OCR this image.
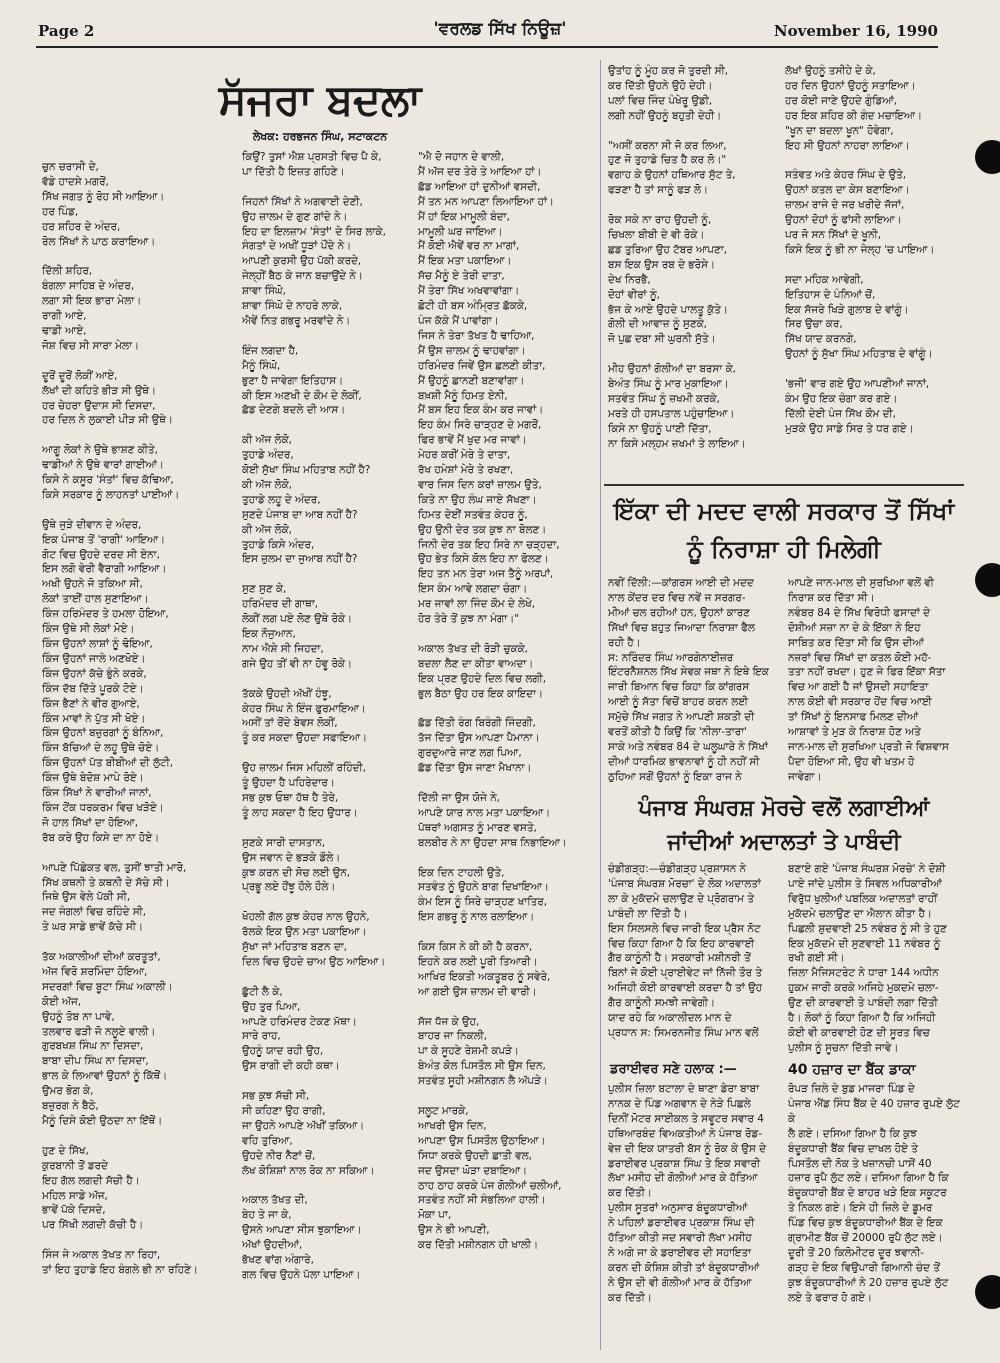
Page 2	'ਵਰਲਡ ਸਿੱਖ ਨਿਊਜ਼'	November 16, 1990
ਸੱਜਰਾ ਬਦਲਾ
ਲੇਖਕ: ਹਰਭਜਨ ਸਿੰਘ, ਸਟਾਕਟਨ
ਚੁਨ ਚਰਾਸੀ ਦੇ,
ਵੱਡੇ ਹਾਦਸੇ ਮਗਰੋਂ,
ਸਿੱਖ ਜਗਤ ਨੂੰ ਰੋਹ ਸੀ ਆਇਆ।
ਹਰ ਪਿੰਡ,
ਹਰ ਸ਼ਹਿਰ ਦੇ ਅੰਦਰ,
ਰੋਲ ਸਿੱਖਾਂ ਨੇ ਪਾਠ ਕਰਾਇਆ।

ਦਿੱਲੀ ਸ਼ਹਿਰ,
ਬੰਗਲਾ ਸਾਹਿਬ ਦੇ ਅੰਦਰ,
ਲਗਾ ਸੀ ਇਕ ਭਾਰਾ ਮੇਲਾ।
ਰਾਗੀ ਆਏ,
ਢਾਡੀ ਆਏ,
ਜੋਸ਼ ਵਿਚ ਸੀ ਸਾਰਾ ਮੇਲਾ।

ਦੂਰੋਂ ਦੂਰੋਂ ਲੋਕੀਂ ਆਏ,
ਲੱਖਾਂ ਦੀ ਕਹਿਤੇ ਭੀੜ ਸੀ ਉਥੇ।
ਹਰ ਚੇਹਰਾ ਉਦਾਸ ਸੀ ਦਿਸਦਾ,
ਹਰ ਦਿਲ ਨੇ ਲੁਕਾਈ ਪੀੜ ਸੀ ਉਥੇ।

ਆਗੂ ਲੋਕਾਂ ਨੇ ਉਥੇ ਭਾਸ਼ਣ ਕੀਤੇ,
ਢਾਡੀਆਂ ਨੇ ਉਥੇ ਵਾਰਾਂ ਗਾਈਆਂ।
ਕਿਸੇ ਨੇ ਕਸੂਰ 'ਸੰਤਾਂ' ਵਿਚ ਕੱਢਿਆ,
ਕਿਸੇ ਸਰਕਾਰ ਨੂੰ ਲਾਹਨਤਾਂ ਪਾਈਆਂ।

ਉਥੇ ਜੁੜੇ ਦੀਵਾਨ ਦੇ ਅੰਦਰ,
ਇਕ ਪੰਜਾਬ ਤੋਂ 'ਰਾਗੀ' ਆਇਆ।
ਗੋਟ ਵਿਚ ਉਹਦੇ ਦਰਦ ਸੀ ਏਨਾ,
ਇਸ ਲਗੋ ਵੇਰੀ ਵੈਰਾਗੀ ਆਇਆ।
ਅਖੀ ਉਹਨੇ ਜੋ ਤਕਿਆ ਸੀ,
ਲੋਕਾਂ ਤਾਈਂ ਹਾਲ ਸੁਣਾਇਆ।
ਕਿੰਜ ਹਰਿਮੰਦਰ ਤੇ ਹਮਲਾ ਹੋਇਆ,
ਕਿੰਜ ਉਥੇ ਸੀ ਲੋਕਾਂ ਮੋਏ।
ਕਿੰਜ ਉਹਨਾਂ ਲਾਸ਼ਾਂ ਨੂੰ ਢੋਇਆ,
ਕਿੰਜ ਉਹਨਾਂ ਜਾਲੇ ਅਣਖੋਏ।
ਕਿੰਜ ਉਹਨਾਂ ਕੱਚੇ ਭੁੰਨੇ ਕਰਕੇ,
ਕਿੰਜ ਦੱਬ ਦਿੱਤੇ ਪੂਰਕੇ ਟੋਏ।
ਕਿੰਜ ਭੈਣਾਂ ਨੇ ਵੀਰ ਗੁਆਏ,
ਕਿੰਜ ਮਾਵਾਂ ਨੇ ਪੁੱਤ ਸੀ ਖੋਏ।
ਕਿੰਜ ਉਹਨਾਂ ਬਜ਼ੁਰਗਾਂ ਨੂੰ ਬੰਨਿਆ,
ਕਿੰਜ ਬੱਚਿਆਂ ਦੇ ਲਹੂ ਉਥੇ ਚੋਏ।
ਕਿੰਜ ਉਹਨਾਂ ਪੱਤ ਬੀਬੀਆਂ ਦੀ ਲੁੱਟੀ,
ਕਿੰਜ ਉਥੇ ਬੇਦੋਸ਼ ਮਾਪੇ ਰੋਏ।
ਕਿੰਜ ਸਿੱਖਾਂ ਨੇ ਵਾਰੀਆਂ ਜਾਨਾਂ,
ਕਿੰਜ ਟੋਂਕ ਧਰਕਰਮ ਵਿਚ ਖੜੋਏ।
ਜੋ ਹਾਲ ਸਿੱਖਾਂ ਦਾ ਹੋਇਆ,
ਰੱਬ ਕਰੇ ਉਹ ਕਿਸੇ ਦਾ ਨਾ ਹੋਏ।

ਆਪਣੇ ਪਿੱਛੇਕਤ ਵਲ, ਤੁਸੀਂ ਝਾਤੀ ਮਾਰੋ,
ਸਿੱਖ ਕਥਨੀ ਤੇ ਕਥਨੀ ਦੇ ਸੱਚੇ ਸੀ।
ਜਿਥੇ ਉਸ ਵੇਲੇ ਪੱਕੀ ਸੀ,
ਜਦ ਜੰਗਲਾਂ ਵਿਚ ਰਹਿੰਦੇ ਸੀ,
ਤੇ ਘਰ ਸਾਡੇ ਭਾਵੇਂ ਕੱਚੇ ਸੀ।

ਤੱਕ ਅਕਾਲੀਆਂ ਦੀਆਂ ਕਰਤੂਤਾਂ,
ਅੱਜ ਵਿਰੋ ਸ਼ਰਮਿੰਦਾ ਹੋਇਆ,
ਸਦਰਗਾਂ ਵਿਚ ਬੂਟਾ ਸਿੰਘ ਅਕਾਲੀ।
ਕੋਈ ਅੱਜ,
ਉਹਨੂੰ ਤੋਬ ਨਾ ਪਾਵੇ,
ਤਲਵਾਰ ਫੜੀ ਜੋ ਨਲੂਏ ਵਾਲੀ।
ਗੁਰਬਖਸ਼ ਸਿੰਘ ਨਾ ਦਿਸਦਾ,
ਬਾਬਾ ਦੀਪ ਸਿੰਘ ਨਾ ਦਿਸਦਾ,
ਭਾਲ ਕੇ ਲਿਆਵਾਂ ਉਹਨਾਂ ਨੂੰ ਕਿੱਥੋਂ।
ਉਮਰ ਭੋਗ ਕੇ,
ਬਜ਼ੁਰਗ ਨੇ ਬੈਠੇ,
ਮੈਨੂੰ ਦਿਸੇ ਕੋਈ ਉਠਦਾ ਨਾ ਇੱਥੋਂ।

ਹੁਣ ਦੇ ਸਿੱਖ,
ਕੁਰਬਾਨੀ ਤੋਂ ਡਰਦੇ
ਇਹ ਗੱਲ ਲਗਦੀ ਸੱਚੀ ਹੈ।
ਮਹਿਲ ਸਾਡੇ ਅੱਜ,
ਭਾਵੇਂ ਪੱਕੇ ਦਿਸਦੇ,
ਪਰ ਸਿੱਖੀ ਲਗਦੀ ਕੱਚੀ ਹੈ।

ਸਿੰਜ ਜੇ ਅਕਾਲ ਤੱਖਤ ਨਾ ਰਿਹਾ,
ਤਾਂ ਇਹ ਤੁਹਾਡੇ ਇਹ ਬੰਗਲੇ ਭੀ ਨਾ ਰਹਿਣੇ।
ਕਿਉਂ? ਤੁਸਾਂ ਐਸ਼ ਪ੍ਰਸਤੀ ਵਿਚ ਪੈ ਕੇ,
ਪਾ ਦਿੱਤੀ ਹੈ ਇਜ਼ਤ ਗਹਿਣੇ।

ਜਿਹਨਾਂ ਸਿੱਖਾਂ ਨੇ ਅਗਵਾਈ ਦੇਣੀ,
ਉਹ ਜ਼ਾਲਮ ਦੇ ਗੁਣ ਗਾਂਦੇ ਨੇ।
ਇਹ ਦਾ ਇਲਜ਼ਾਮ 'ਸੰਤਾਂ' ਦੇ ਸਿਰ ਲਾਕੇ,
ਸੰਗਤਾਂ ਦੇ ਅਖੀਂ ਧੂੜਾਂ ਪੌਂਦੇ ਨੇ।
ਆਪਣੀ ਕੁਰਸੀ ਉਹ ਪੱਕੀ ਕਰਦੇ,
ਜੇਲ੍ਹੀਂ ਬੈਠ ਕੇ ਜਾਨ ਬਚਾਉਂਦੇ ਨੇ।
ਸ਼ਾਵਾ ਸਿੰਘੋ,
ਸ਼ਾਵਾ ਸਿੰਘੋ ਦੇ ਨਾਹਰੇ ਲਾਕੇ,
ਐਵੇਂ ਨਿਤ ਗਭਰੂ ਮਰਵਾਂਦੇ ਨੇ।

ਇੰਜ ਲਗਦਾ ਹੈ,
ਮੈਨੂੰ ਸਿੰਘੋ,
ਭੁਣਾ ਹੈ ਜਾਵੇਗਾ ਇਤਿਹਾਸ।
ਕੀ ਇਸ ਅਣਖੀ ਦੇ ਕੌਮ ਦੇ ਲੋਕੀਂ,
ਛੱਡ ਦੇਣਗੇ ਬਦਲੇ ਦੀ ਆਸ।

ਕੀ ਅੱਜ ਲੋਕੋ,
ਤੁਹਾਡੇ ਅੰਦਰ,
ਕੋਈ ਸੁੱਖਾ ਸਿੰਘ ਮਹਿਤਾਬ ਨਹੀਂ ਹੈ?
ਕੀ ਅੱਜ ਲੋਕੋ,
ਤੁਹਾਡੇ ਲਹੂ ਦੇ ਅੰਦਰ,
ਸੁਣਦੇ ਪੰਜਾਬ ਦਾ ਆਬ ਨਹੀਂ ਹੈ?
ਕੀ ਅੱਜ ਲੋਕੋ,
ਤੁਹਾਡੇ ਕਿਸੇ ਅੰਦਰ,
ਇਸ ਜ਼ੁਲਮ ਦਾ ਜੁਆਬ ਨਹੀਂ ਹੈ?

ਸੁਣ ਸੁਣ ਕੇ,
ਹਰਿਮੰਦਰ ਦੀ ਗਾਥਾ,
ਲੋਕੀਂ ਲਗ ਪਏ ਲੋਣ ਉਥੇ ਰੋਕੇ।
ਇਕ ਨੌਜੁਆਨ,
ਨਾਮ ਐਸ਼ੇ ਸੀ ਜਿਹਦਾ,
ਗਜੇ ਉਹ ਤੀਂ ਵੀ ਨਾ ਹੋਵੂ ਰੋਕੇ।

ਤੱਕਕੇ ਉਹਦੀ ਅੱਖੀਂ ਹੰਝੂ,
ਕੇਹਰ ਸਿੰਘ ਨੇ ਇੰਜ ਫੁਰਮਾਇਆ।
ਅਸੀਂ ਤਾਂ ਰੋਂਦੇ ਬੇਵਸ ਲੋਕੀਂ,
ਤੂੰ ਕਰ ਸਕਦਾ ਉਹਦਾ ਸਫਾਇਆ।

ਉਹ ਜ਼ਾਲਮ ਜਿਸ ਮਹਿਲੀਂ ਰਹਿੰਦੀ,
ਤੂੰ ਉਹਦਾ ਹੈ ਪਹਿਰੇਦਾਰ।
ਸਭ ਕੁਝ ਓਥਾ ਹੱਥ ਹੈ ਤੇਰੇ,
ਤੂੰ ਲਾਹ ਸਕਦਾ ਹੈ ਇਹ ਉਧਾਰ।

ਸੁਣਕੇ ਸਾਰੀ ਦਾਸਤਾਨ,
ਉਸ ਜਵਾਨ ਦੇ ਭੜਕੇ ਡੌਲੇ।
ਕੁਝ ਕਰਨ ਦੀ ਸੋਚ ਲਈ ਉਨ,
ਪ੍ਰਭੂ ਲਏ ਹੌਂਝੂ ਹੌਲੇ ਹੌਲੇ।

ਖੋਹਲੀ ਗੱਲ ਕੁਝ ਕੇਹਰ ਨਾਲ ਉਹਨੇ,
ਰੱਲਕੇ ਇਕ ਉਨ ਮਤਾ ਪਕਾਇਆ।
ਸੁੱਖਾ ਜਾਂ ਮਹਿਤਾਬ ਬਣਨ ਦਾ,
ਦਿਲ ਵਿਚ ਉਹਦੇ ਚਾਅ ਉਠ ਆਇਆ।

ਛੁੱਟੀ ਲੈ ਕੇ,
ਉਹ ਤੁਰ ਪਿਆ,
ਆਪਣੇ ਹਰਿਮੰਦਰ ਟੇਕਣ ਮੱਥਾ।
ਸਾਰੇ ਰਾਹ,
ਉਹਨੂੰ ਯਾਦ ਰਹੀ ਉਹ,
ਉਸ ਰਾਗੀ ਦੀ ਕਹੀ ਕਥਾ।

ਸਭ ਕੁਝ ਸੱਚੀ ਸੀ,
ਸੀ ਕਹਿਣਾ ਉਹ ਰਾਗੀ,
ਜਾ ਉਹਨੇ ਆਪਣੇ ਅੱਖੀਂ ਤਕਿਆ।
ਵਹਿ ਤੁਰਿਆ,
ਉਹਦੇ ਨੀਰ ਨੈਣਾਂ ਚੋਂ,
ਲੱਖ ਕੋਸ਼ਿਸ਼ਾਂ ਨਾਲ ਰੋਕ ਨਾ ਸਕਿਆ।

ਅਕਾਲ ਤੱਖਤ ਦੀ,
ਬੇਹ ਤੇ ਜਾ ਕੇ,
ਉਸਨੇ ਆਪਣਾ ਸੀਸ ਝੁਕਾਇਆ।
ਅੱਖਾਂ ਉਹਦੀਆਂ,
ਭੱਖਣ ਵਾਂਗ ਅੰਗਾਰੇ,
ਗਲ ਵਿਚ ਉਹਨੇ ਪੱਲਾ ਪਾਇਆ।
"ਐ ਦੋ ਜਹਾਨ ਦੇ ਵਾਲੀ,
ਮੈਂ ਅੱਜ ਦਰ ਤੇਰੇ ਤੇ ਆਇਆ ਹਾਂ।
ਛੱਡ ਆਇਆ ਹਾਂ ਦੁਨੀਆਂ ਵਸਦੀ,
ਮੈਂ ਤਨ ਮਨ ਆਪਣਾ ਲਿਆਇਆ ਹਾਂ।
ਮੈਂ ਹਾਂ ਇਕ ਮਾਮੂਲੀ ਬੰਦਾ,
ਮਾਮੂਲੀ ਘਰ ਜਾਇਆ।
ਮੈਂ ਕੋਈ ਐਵੇਂ ਵਰ ਨਾ ਮਾਗਾਂ,
ਮੈਂ ਇਕ ਮਤਾ ਪਕਾਇਆ।
ਸੱਚ ਮੈਨੂੰ ਏ ਤੇਰੀ ਦਾਤਾ,
ਮੈਂ ਤੇਰਾ ਸਿੱਖ ਅਖਵਾਵਾਂਗਾ।
ਛੋਟੀ ਹੀ ਬਸ ਅੰਮ੍ਰਿਤ ਛੱਕਕੇ,
ਪੰਜ ਕੱਕੇ ਮੈਂ ਪਾਵਾਂਗਾ।
ਜਿਸ ਨੇ ਤੇਰਾ ਤੱਖਤ ਹੈ ਢਾਹਿਆ,
ਮੈਂ ਉਸ ਜ਼ਾਲਮ ਨੂੰ ਢਾਹਵਾਂਗਾ।
ਹਰਿਮੰਦਰ ਜਿਵੇਂ ਉਸ ਛਲਣੀ ਕੀਤਾ,
ਮੈਂ ਉਹਨੂੰ ਛਾਨਣੀ ਬਣਾਵਾਂਗਾ।
ਬਖ਼ਸ਼ੀ ਮੈਨੂੰ ਹਿਮਤ ਏਨੀ,
ਮੈਂ ਬਸ ਇਹ ਇਕ ਕੰਮ ਕਰ ਜਾਵਾਂ।
ਇਹ ਕੰਮ ਸਿਰੇ ਚਾੜ੍ਹਣ ਦੇ ਮਗਰੋਂ,
ਫਿਰ ਭਾਵੇਂ ਮੈਂ ਖੁਦ ਮਰ ਜਾਵਾਂ।
ਮੇਹਰ ਕਰੀਂ ਮੇਰੇ ਤੇ ਦਾਤਾ,
ਰੱਖ ਹਮੇਸ਼ਾਂ ਮੇਰੇ ਤੇ ਰਖਣਾ,
ਵਾਰ ਜਿਸ ਦਿਨ ਕਰਾਂ ਜ਼ਾਲਮ ਉਤੇ,
ਕਿਤੇ ਨਾ ਉਹ ਲੰਘ ਜਾਏ ਸੱਖਣਾ।
ਹਿਮਤ ਦੇਈਂ ਸਤਵੰਤ ਕੇਹਰ ਨੂੰ,
ਉਹ ਉਨੀ ਦੇਰ ਤਕ ਕੁਝ ਨਾ ਬੋਲਣ।
ਜਿਨੀ ਦੇਰ ਤਕ ਇਹ ਸਿਰੇ ਨਾ ਚੜ੍ਹਦਾ,
ਉਹ ਭੇਤ ਕਿਸੇ ਕੋਲ ਇਹ ਨਾ ਫੋਲਣ।
ਇਹ ਤਨ ਮਨ ਤੇਰਾ ਅਜ ਤੈਨੂੰ ਅਰਪਾਂ,
ਇਸ ਕੰਮ ਆਵੇ ਲਗਦਾ ਚੰਗਾ।
ਮਰ ਜਾਵਾਂ ਲਾ ਜਿੰਦ ਕੌਮ ਦੇ ਲੇਖੇ,
ਹੋਰ ਤੇਰੇ ਤੋਂ ਕੁਝ ਨਾ ਮੰਗਾ।"

ਅਕਾਲ ਤੱਖਤ ਦੀ ਰੋੜੀ ਚੁਕਕੇ,
ਬਦਲਾ ਲੈਣ ਦਾ ਕੀਤਾ ਵਾਅਦਾ।
ਇਕ ਪ੍ਰਣ ਉਹਦੇ ਦਿਲ ਵਿਚ ਲਗੀ,
ਭੁਲ ਬੈਠਾ ਉਹ ਹਰ ਇਕ ਕਾਇਦਾ।

ਛੱਡ ਦਿੱਤੀ ਰੰਗ ਬਿਰੰਗੀ ਜਿੰਦਗੀ,
ਤੱਜ ਦਿੱਤਾ ਉਸ ਆਪਣਾ ਪੈਮਾਨਾ।
ਗੁਰਦੁਆਰੇ ਜਾਣ ਲਗ ਪਿਆ,
ਛੱਡ ਦਿੱਤਾ ਉਸ ਜਾਣਾ ਮੈਖਾਨਾ।

ਦਿੱਲੀ ਜਾ ਉਸ ਯੋਜੇ ਨੇ,
ਆਪਣੇ ਯਾਰ ਨਾਲ ਮਤਾ ਪਕਾਇਆ।
ਪੱਥਰਾਂ ਅਗਸਤ ਨੂੰ ਮਾਰਣ ਵਸਤੇ,
ਬਲਬੀਰ ਨੇ ਨਾ ਉਹਦਾ ਸਾਥ ਨਿਭਾਇਆ।

ਇਕ ਦਿਨ ਟਾਹਲੀ ਉਤੇ,
ਸਤਵੰਤ ਨੂੰ ਉਹਨੇ ਬਾਗ ਦਿਖਾਇਆ।
ਕੰਮ ਇਸ ਨੂੰ ਸਿਰੇ ਚਾੜ੍ਹਣ ਖਾਤਿਰ,
ਇਸ ਗਭਰੂ ਨੂੰ ਨਾਲ ਰਲਾਇਆ।

ਕਿਸ ਕਿਸ ਨੇ ਕੀ ਕੀ ਹੈ ਕਰਨਾ,
ਇਹਨੇ ਕਰ ਲਈ ਪੂਰੀ ਤਿਆਰੀ।
ਆਖਿਰ ਇਕਤੀ ਅਕਤੂਬਰ ਨੂੰ ਸਵੇਰੇ,
ਆ ਗਈ ਉਸ ਜ਼ਾਲਮ ਦੀ ਵਾਰੀ।

ਸੱਜ ਧੱਜ ਕੇ ਉਹ,
ਬਾਹਰ ਜਾ ਨਿਕਲੀ,
ਪਾ ਕੇ ਸੂਹਣੇ ਰੇਸ਼ਮੀ ਕਪੜੇ।
ਬੇਅੰਤ ਕੋਲ ਪਿਸਤੌਲ ਸੀ ਉਸ ਦਿਨ,
ਸਤਵੰਤ ਸੂਹੀ ਮਸ਼ੀਨਗਨ ਲੈ ਅੱਪੜੇ।

ਸਲੂਟ ਮਾਰਕੇ,
ਆਖਰੀ ਉਸ ਦਿਨ,
ਆਪਣਾ ਉਸ ਪਿਸਤੌਲ ਉਠਾਇਆ।
ਸਿਧਾ ਕਰਕੇ ਉਹਦੀ ਛਾਤੀ ਵਲ,
ਜਦ ਉਸਦਾ ਘੋੜਾ ਦਬਾਇਆ।
ਠਾਹ ਠਾਹ ਕਰਕੇ ਪੰਜ ਗੋਲੀਆਂ ਚਲੀਆਂ,
ਸਤਵੰਤ ਨਹੀਂ ਸੀ ਸੰਭਲਿਆ ਹਾਲੀ।
ਮੋਕਾ ਪਾ,
ਉਸ ਨੇ ਭੀ ਆਪਣੀ,
ਕਰ ਦਿੱਤੀ ਮਸ਼ੀਨਗਨ ਹੀ ਖਾਲੀ।
ਉਤਾਂਹ ਨੂੰ ਮੂੰਹ ਕਰ ਜੋ ਤੁਰਦੀ ਸੀ,
ਕਰ ਦਿੱਤੀ ਉਹਨੇ ਉਹੋ ਦੇਹੀ।
ਪਲਾਂ ਵਿਚ ਜਿੰਦ ਪੰਖੇਰੂ ਉਡੀ,
ਲਗੀ ਨਹੀਂ ਉਹਨੂੰ ਬਹੁਤੀ ਦੇਹੀ।

"ਅਸੀਂ ਕਰਨਾ ਸੀ ਜੋ ਕਰ ਲਿਆ,
ਹੁਣ ਜੋ ਤੁਹਾਡੇ ਚਿਤ ਹੈ ਕਰ ਲੋ।"
ਵਗਾਹ ਕੇ ਉਹਨਾਂ ਹਥਿਆਰ ਸੁੱਟ ਤੇ,
ਫੜਣਾ ਹੈ ਤਾਂ ਸਾਨੂੰ ਫੜ ਲੋ।

ਰੋਕ ਸਕੇ ਨਾ ਰਾਹ ਉਹਦੀ ਨੂੰ,
ਚਿਖਲਾ ਬੀਬੀ ਦੇ ਵੀ ਰੋਕੇ।
ਛਡ ਤੁਰਿਆ ਉਹ ਟੱਬਰ ਆਪਣਾ,
ਬਸ ਇਕ ਉਸ ਰਬ ਦੇ ਭਰੋਸੇ।
ਦੇਖ ਨਿਰਭੈ,
ਦੋਹਾਂ ਵੀਰਾਂ ਨੂੰ,
ਭੱਜ ਕੇ ਆਏ ਉਹਦੇ ਪਾਲਤੂ ਕੁੱਤੇ।
ਗੋਲੀ ਦੀ ਆਵਾਜ਼ ਨੂੰ ਸੁਣਕੇ,
ਜੋ ਪੁਛ ਦਬਾ ਸੀ ਘੁਰਨੀ ਸੁੱਤੇ।

ਮੀਹ ਉਹਨਾਂ ਗੋਲੀਆਂ ਦਾ ਬਰਸਾ ਕੇ,
ਬੇਅੰਤ ਸਿੰਘ ਨੂੰ ਮਾਰ ਮੁਕਾਇਆ।
ਸਤਵੰਤ ਸਿੰਘ ਨੂੰ ਜ਼ਖਮੀ ਕਰਕੇ,
ਮਰਤੇ ਹੀ ਹਸਪਤਾਲ ਪਹੁੰਚਾਇਆ।
ਕਿਸੇ ਨਾ ਉਹਨੂੰ ਪਾਣੀ ਦਿੱਤਾ,
ਨਾ ਕਿਸੇ ਮਲ੍ਹਮ ਜ਼ਖਮਾਂ ਤੇ ਲਾਇਆ।
ਲੱਖਾਂ ਉਹਨੂੰ ਤਸੀਹੇ ਦੇ ਕੇ,
ਹਰ ਦਿਨ ਉਹਨਾਂ ਉਹਨੂੰ ਸਤਾਇਆ।
ਹਰ ਕੋਈ ਜਾਣੇ ਉਹਦੇ ਗੁੰਡਿਆਂ,
ਹਰ ਇਕ ਸ਼ਹਿਰ ਕੀ ਗੰਦ ਮਚਾਇਆ।
"ਖੂਨ ਦਾ ਬਦਲਾ ਖੂਨ" ਹੋਵੇਗਾ,
ਇਹ ਸੀ ਉਹਨਾਂ ਨਾਹਰਾ ਲਾਇਆ।

ਸਤੰਵਤ ਅਤੇ ਕੇਹਰ ਸਿੰਘ ਦੇ ਉਤੇ,
ਉਹਨਾਂ ਕਤਲ ਦਾ ਕੇਸ ਬਣਾਇਆ।
ਜ਼ਾਲਮ ਰਾਜੇ ਦੇ ਜਰ ਖਰੀਦੇ ਜੱਜਾਂ,
ਉਹਨਾਂ ਦੋਹਾਂ ਨੂੰ ਫਾਂਸੀ ਲਾਇਆ।
ਪਰ ਜੋ ਸਨ ਸਿੱਖਾਂ ਦੇ ਖੂਨੀ,
ਕਿਸੇ ਇਕ ਨੂੰ ਭੀ ਨਾ ਜੇਲ੍ਹ 'ਚ ਪਾਇਆ।

ਸਦਾ ਮਹਿਕ ਆਵੇਗੀ,
ਇਤਿਹਾਸ ਦੇ ਪੰਨਿਆਂ ਚੋਂ,
ਇਕ ਸੱਜਰੇ ਖਿੜੇ ਗੁਲਾਬ ਦੇ ਵਾਂਗੂੰ।
ਸਿਰ ਉਚਾ ਕਰ,
ਸਿੱਖ ਯਾਦ ਕਰਨਗੇ,
ਉਹਨਾਂ ਨੂੰ ਸੁੱਖਾ ਸਿੰਘ ਮਹਿਤਾਬ ਦੇ ਵਾਂਗੂੰ।

'ਭਜੀ' ਵਾਰ ਗਏ ਉਹ ਆਪਣੀਆਂ ਜਾਨਾਂ,
ਕੰਮ ਉਹ ਇਕ ਚੰਗਾ ਕਰ ਗਏ।
ਦਿੱਲੀ ਦੇਈ ਪੰਜ ਸਿੱਖ ਕੌਮ ਦੀ,
ਮੁੜਕੇ ਉਹ ਸਾਡੇ ਸਿਰ ਤੇ ਧਰ ਗਏ।
ਇੱਕਾ ਦੀ ਮਦਦ ਵਾਲੀ ਸਰਕਾਰ ਤੋਂ ਸਿੱਖਾਂ ਨੂੰ ਨਿਰਾਸ਼ਾ ਹੀ ਮਿਲੇਗੀ
ਨਵੀਂ ਦਿੱਲੀ:—ਕਾਂਗਰਸ ਆਈ ਦੀ ਮਦਦ
ਨਾਲ ਕੇਂਦਰ ਦਰ ਵਿਚ ਨਵੇਂ ਜ ਸਰਗਰ-
ਮੀਆਂ ਚਲ ਰਹੀਆਂ ਹਨ, ਉਹਨਾਂ ਕਾਰਣ
ਸਿੱਖਾਂ ਵਿਚ ਬਹੁਤ ਜਿਆਦਾ ਨਿਰਾਸ਼ਾ ਫੈਲ
ਰਹੀ ਹੈ।
ਸ: ਨਰਿੰਦਰ ਸਿੰਘ ਆਰਗੇਨਾਈਜ਼ਰ
ਇੰਟਰਨੈਸ਼ਨਲ ਸਿੱਖ ਸੇਵਕ ਜਥਾ ਨੇ ਇਥੇ ਇਕ
ਜਾਰੀ ਬਿਆਨ ਵਿਚ ਕਿਹਾ ਕਿ ਕਾਂਗਰਸ
ਆਈ ਨੂੰ ਸੱਤਾ ਵਿਚੋਂ ਬਾਹਰ ਕਰਨ ਲਈ
ਸਮੁੱਚੇ ਸਿੱਖ ਜਗਤ ਨੇ ਆਪਣੀ ਸ਼ਕਤੀ ਦੀ
ਵਰਤੋਂ ਕੀਤੀ ਹੈ ਕਿਉਂ ਕਿ 'ਨੀਲਾ-ਤਾਰਾ'
ਸਾਕੇ ਅਤੇ ਨਵੰਬਰ 84 ਦੇ ਘਲੂਘਾਰੇ ਨੇ ਸਿੱਖਾਂ
ਦੀਆਂ ਧਾਰਮਿਕ ਭਾਵਨਾਵਾਂ ਨੂੰ ਹੀ ਨਹੀਂ ਸੀ
ਠੁਹਿਆ ਸਗੋਂ ਉਹਨਾਂ ਨੂੰ ਇਕਾ ਰਾਜ ਨੇ
ਆਪਣੇ ਜਾਨ-ਮਾਲ ਦੀ ਸੁਰਖਿਆ ਵਲੋਂ ਵੀ
ਨਿਰਾਸ਼ ਕਰ ਦਿੱਤਾ ਸੀ।
ਨਵੰਬਰ 84 ਦੇ ਸਿੱਖ ਵਿਰੋਧੀ ਫਸਾਦਾਂ ਦੇ
ਦੋਸ਼ੀਆਂ ਸਜ਼ਾ ਨਾ ਦੇ ਕੇ ਇੱਕਾ ਨੇ ਇਹ
ਸਾਬਿਤ ਕਰ ਦਿੱਤਾ ਸੀ ਕਿ ਉਸ ਦੀਆਂ
ਨਜ਼ਰਾਂ ਵਿਚ ਸਿੱਖਾਂ ਦਾ ਕਤਲ ਕੋਈ ਮਹੱ-
ਤਤਾ ਨਹੀਂ ਰਖਦਾ। ਹੁਣ ਜੇ ਫਿਰ ਇੱਕਾ ਸੱਤਾ
ਵਿਚ ਆ ਗਈ ਹੈ ਜਾਂ ਉਸਦੀ ਸਹਾਇਤਾ
ਨਾਲ ਕੋਈ ਵੀ ਸਰਕਾਰ ਹੋਂਦ ਵਿਚ ਆਈ
ਤਾਂ ਸਿੱਖਾਂ ਨੂੰ ਇਨਸਾਫ ਮਿਲਣ ਦੀਆਂ
ਆਸ਼ਾਵਾਂ ਤੇ ਮੁੜ ਕੇ ਨਿਰਾਸ਼ ਹੋਣ ਅਤੇ
ਜਾਨ-ਮਾਲ ਦੀ ਸੁਰਖਿਆ ਪ੍ਰਤੀ ਜੋ ਵਿਸ਼ਵਾਸ
ਪੈਦਾ ਹੋਇਆ ਸੀ, ਉਹ ਵੀ ਖਤਮ ਹੋ
ਜਾਵੇਗਾ।
ਪੰਜਾਬ ਸੰਘਰਸ਼ ਮੋਰਚੇ ਵਲੋਂ ਲਗਾਈਆਂ ਜਾਂਦੀਆਂ ਅਦਾਲਤਾਂ ਤੇ ਪਾਬੰਦੀ
ਚੰਡੀਗੜ੍ਹ:—ਚੰਡੀਗੜ੍ਹ ਪ੍ਰਸ਼ਾਸਨ ਨੇ
'ਪੰਜਾਬ ਸੰਘਰਸ਼ ਮੋਰਚਾ' ਦੇ ਲੋਕ ਅਦਾਲਤਾਂ
ਲਾ ਕੇ ਮੁਕੱਦਮੇ ਚਲਾਉਣ ਦੇ ਪ੍ਰੋਗਰਾਮ ਤੇ
ਪਾਬੰਦੀ ਲਾ ਦਿੱਤੀ ਹੈ।
ਇਸ ਸਿਲਸਲੇ ਵਿਚ ਜਾਰੀ ਇਕ ਪ੍ਰੈਸ ਨੋਟ
ਵਿਚ ਕਿਹਾ ਗਿਆ ਹੈ ਕਿ ਇਹ ਕਾਰਵਾਈ
ਗੈਰ ਕਾਨੂੰਨੀ ਹੈ। ਸਰਕਾਰੀ ਮਸ਼ੀਨਰੀ ਤੋਂ
ਬਿਨਾਂ ਜੇ ਕੋਈ ਪ੍ਰਾਈਵੇਟ ਜਾਂ ਨਿੱਜੀ ਤੌਰ ਤੇ
ਅਜਿਹੀ ਕੋਈ ਕਾਰਵਾਈ ਕਰਦਾ ਹੈ ਤਾਂ ਉਹ
ਗੈਰ ਕਾਨੂੰਨੀ ਸਮਝੀ ਜਾਵੇਗੀ।
ਯਾਦ ਰਹੇ ਕਿ ਅਕਾਲੀਦਲ ਮਾਨ ਦੇ
ਪ੍ਰਧਾਨ ਸ: ਸਿਮਰਨਜੀਤ ਸਿੰਘ ਮਾਨ ਵਲੋਂ
ਬਣਾਏ ਗਏ 'ਪੰਜਾਬ ਸੰਘਰਸ਼ ਮੋਰਚੇ' ਨੇ ਦੋਸ਼ੀ
ਪਾਏ ਜਾਂਦੇ ਪੁਲੀਸ ਤੇ ਸਿਵਲ ਅਧਿਕਾਰੀਆਂ
ਵਿਰੁੱਧ ਖੁਲੀਆਂ ਪਬਲਿਕ ਅਦਾਲਤਾਂ ਰਾਹੀਂ
ਮੁਕੱਦਮੇ ਚਲਾਉਣ ਦਾ ਐਲਾਨ ਕੀਤਾ ਹੈ।
ਪਿਛਲੀ ਸ਼ੁਦਵਾਈ 25 ਨਵੰਬਰ ਨੂੰ ਸੀ ਤੇ ਹੁਣ
ਇਕ ਮੁਕੱਦਮੇ ਦੀ ਸੁਣਵਾਈ 11 ਨਵੰਬਰ ਨੂੰ
ਰਖੀ ਗਈ ਸੀ।
ਜ਼ਿਲਾ ਮੈਜਿਸਟਰੇਟ ਨੇ ਧਾਰਾ 144 ਅਧੀਨ
ਹੁਕਮ ਜਾਰੀ ਕਰਕੇ ਅਜਿਹੇ ਮੁਕਦਮੇ ਚਲਾ-
ਉਣ ਦੀ ਕਾਰਵਾਈ ਤੇ ਪਾਬੰਦੀ ਲਗਾ ਦਿੱਤੀ
ਹੈ। ਲੋਕਾਂ ਨੂੰ ਕਿਹਾ ਗਿਆ ਹੈ ਕਿ ਅਜਿਹੀ
ਕੋਈ ਵੀ ਕਾਰਵਾਈ ਹੋਣ ਦੀ ਸੂਰਤ ਵਿਚ
ਪੁਲੀਸ ਨੂੰ ਸੂਚਨਾ ਦਿੱਤੀ ਜਾਵੇ।
ਡਰਾਈਵਰ ਸਣੇ ਹਲਾਕ :—
ਪੁਲੀਸ ਜ਼ਿਲਾ ਬਟਾਲਾ ਦੇ ਥਾਣਾ ਡੇਰਾ ਬਾਬਾ
ਨਾਨਕ ਦੇ ਪਿੰਡ ਅਗਵਾਨ ਦੇ ਨੇੜੇ ਪਿਛਲੇ
ਦਿਨੀਂ ਮੋਟਰ ਸਾਈਕਲ ਤੇ ਸਵੂਟਰ ਸਵਾਰ 4
ਹਥਿਆਰਬੰਦ ਵਿਅਕਤੀਆਂ ਨੇ ਪੰਜਾਬ ਰੋਡ-
ਵੇਜ਼ ਦੀ ਇਕ ਯਾਤਰੀ ਬੱਸ ਨੂੰ ਰੋਕ ਕੇ ਉਸ ਦੇ
ਡਰਾਈਵਰ ਪ੍ਰਕਾਸ਼ ਸਿੰਘ ਤੇ ਇਕ ਸਵਾਰੀ
ਲੱਖਾ ਮਸੀਹ ਦੀ ਗੋਲੀਆਂ ਮਾਰ ਕੇ ਹੱਤਿਆ
ਕਰ ਦਿੱਤੀ।
ਪੁਲੀਸ ਸੂਤਰਾਂ ਅਨੁਸਾਰ ਬੰਦੂਕਧਾਰੀਆਂ
ਨੇ ਪਹਿਲਾਂ ਡਰਾਈਵਰ ਪ੍ਰਕਾਸ਼ ਸਿੰਘ ਦੀ
ਹੱਤਿਆ ਕੀਤੀ ਜਦ ਸਵਾਰੀ ਲੱਖਾ ਮਸੀਹ
ਨੇ ਅਗੇ ਜਾ ਕੇ ਡਰਾਈਵਰ ਦੀ ਸਹਾਇਤਾ
ਕਰਨ ਦੀ ਕੋਸ਼ਿਸ਼ ਕੀਤੀ ਤਾਂ ਬੰਦੂਕਧਾਰੀਆਂ
ਨੇ ਉਸ ਦੀ ਵੀ ਗੋਲੀਆਂ ਮਾਰ ਕੇ ਹੱਤਿਆ
ਕਰ ਦਿੱਤੀ।
40 ਹਜ਼ਾਰ ਦਾ ਬੈਂਕ ਡਾਕਾ
ਰੋਪੜ ਜ਼ਿਲੇ ਦੇ ਬੁਡ ਮਾਜਰਾ ਪਿੰਡ ਦੇ
ਪੰਜਾਬ ਐਂਡ ਸਿੰਧ ਬੈਂਕ ਦੇ 40 ਹਜ਼ਾਰ ਰੁਪਏ ਲੁੱਟ ਕੇ
ਲੈ ਗਏ। ਦਸਿਆ ਗਿਆ ਹੈ ਕਿ ਕੁਝ
ਬੰਦੂਕਧਾਰੀ ਬੈਂਕ ਵਿਚ ਦਾਖਲ ਹੋਏ ਤੇ
ਪਿਸਤੌਲ ਦੀ ਨੋਕ ਤੇ ਖਜ਼ਾਨਚੀ ਪਾਸੋਂ 40
ਹਜ਼ਾਰ ਰੁਪੈ ਲੁੱਟ ਲਏ। ਦਸਿਆ ਗਿਆ ਹੈ ਕਿ
ਬੰਦੂਕਧਾਰੀ ਬੈਂਕ ਦੇ ਬਾਹਰ ਖੜੇ ਇਕ ਸਕੂਟਰ
ਤੇ ਨਿਕਲ ਗਏ। ਇਸੇ ਹੀ ਜ਼ਿਲੇ ਦੇ ਡੂਮਰ
ਪਿੰਡ ਵਿਚ ਕੁਝ ਬੰਦੂਕਧਾਰੀਆਂ ਬੈਂਕ ਦੇ ਇਕ
ਗ੍ਰਾਮੀਣ ਬੈਂਕ ਚੋਂ 20000 ਰੁਪੈ ਲੁੱਟ ਲਏ।
ਦੂਰੀ ਤੋਂ 20 ਕਿਲੋਮੀਟਰ ਦੂਰ ਝਵਾਨੀ-
ਗੜ੍ਹ ਦੇ ਇਕ ਵਿਉਪਾਰੀ ਗਿਆਨੀ ਚੰਦ ਤੋਂ
ਕੁਝ ਬੰਦੂਕਧਾਰੀਆਂ ਨੇ 20 ਹਜ਼ਾਰ ਰੁਪਏ ਲੁੱਟ
ਲਏ ਤੇ ਫਰਾਰ ਹੋ ਗਏ।
